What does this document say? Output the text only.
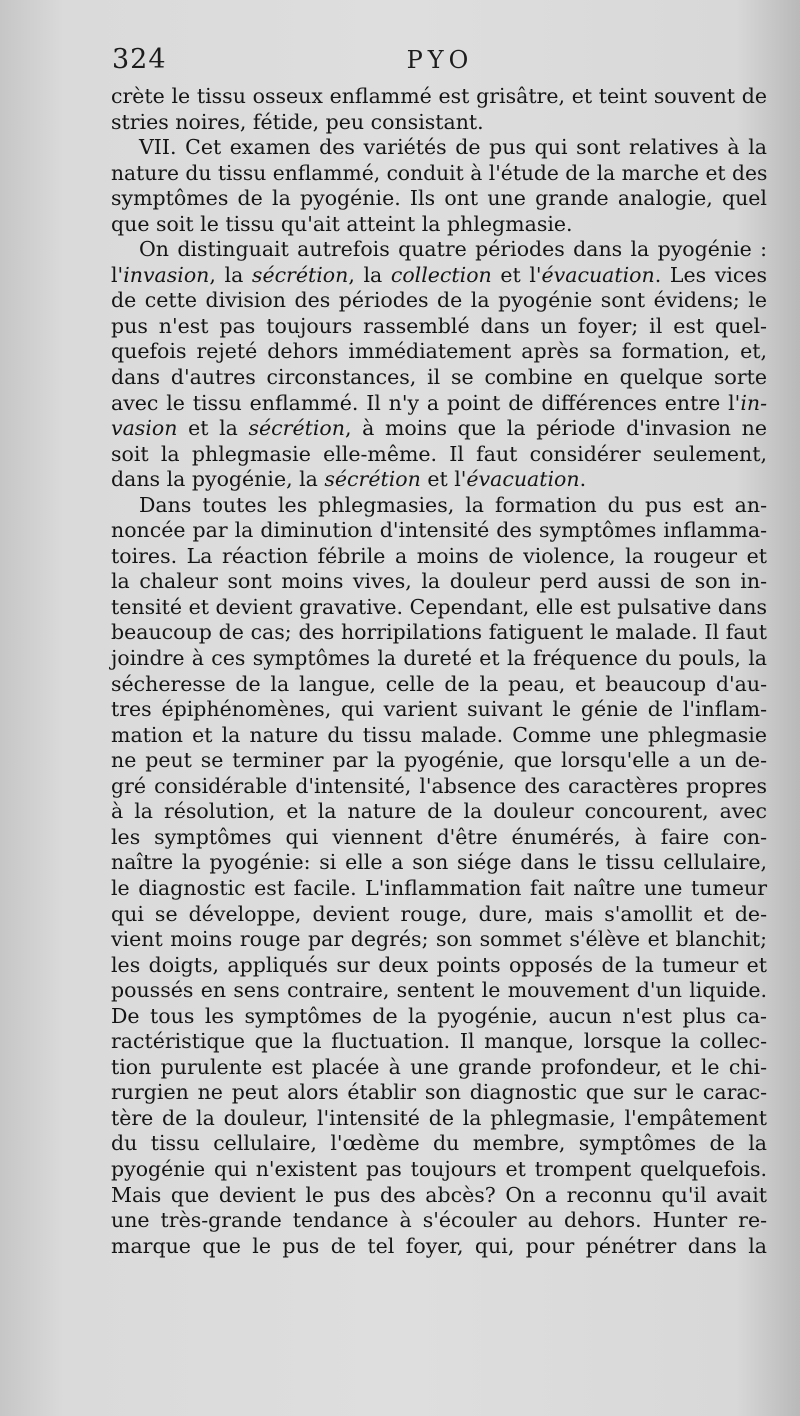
324	PYO

crète le tissu osseux enflammé est grisâtre, et teint souvent de
stries noires, fétide, peu consistant.

VII. Cet examen des variétés de pus qui sont relatives à la
nature du tissu enflammé, conduit à l'étude de la marche et des
symptômes de la pyogénie. Ils ont une grande analogie, quel
que soit le tissu qu'ait atteint la phlegmasie.

On distinguait autrefois quatre périodes dans la pyogénie :
l'invasion, la sécrétion, la collection et l'évacuation. Les vices
de cette division des périodes de la pyogénie sont évidens; le
pus n'est pas toujours rassemblé dans un foyer; il est quel-
quefois rejeté dehors immédiatement après sa formation, et,
dans d'autres circonstances, il se combine en quelque sorte
avec le tissu enflammé. Il n'y a point de différences entre l'in-
vasion et la sécrétion, à moins que la période d'invasion ne
soit la phlegmasie elle-même. Il faut considérer seulement,
dans la pyogénie, la sécrétion et l'évacuation.

Dans toutes les phlegmasies, la formation du pus est an-
noncée par la diminution d'intensité des symptômes inflamma-
toires. La réaction fébrile a moins de violence, la rougeur et
la chaleur sont moins vives, la douleur perd aussi de son in-
tensité et devient gravative. Cependant, elle est pulsative dans
beaucoup de cas; des horripilations fatiguent le malade. Il faut
joindre à ces symptômes la dureté et la fréquence du pouls, la
sécheresse de la langue, celle de la peau, et beaucoup d'au-
tres épiphénomènes, qui varient suivant le génie de l'inflam-
mation et la nature du tissu malade. Comme une phlegmasie
ne peut se terminer par la pyogénie, que lorsqu'elle a un de-
gré considérable d'intensité, l'absence des caractères propres
à la résolution, et la nature de la douleur concourent, avec
les symptômes qui viennent d'être énumérés, à faire con-
naître la pyogénie: si elle a son siége dans le tissu cellulaire,
le diagnostic est facile. L'inflammation fait naître une tumeur
qui se développe, devient rouge, dure, mais s'amollit et de-
vient moins rouge par degrés; son sommet s'élève et blanchit;
les doigts, appliqués sur deux points opposés de la tumeur et
poussés en sens contraire, sentent le mouvement d'un liquide.
De tous les symptômes de la pyogénie, aucun n'est plus ca-
ractéristique que la fluctuation. Il manque, lorsque la collec-
tion purulente est placée à une grande profondeur, et le chi-
rurgien ne peut alors établir son diagnostic que sur le carac-
tère de la douleur, l'intensité de la phlegmasie, l'empâtement
du tissu cellulaire, l'œdème du membre, symptômes de la
pyogénie qui n'existent pas toujours et trompent quelquefois.
Mais que devient le pus des abcès? On a reconnu qu'il avait
une très-grande tendance à s'écouler au dehors. Hunter re-
marque que le pus de tel foyer, qui, pour pénétrer dans la
